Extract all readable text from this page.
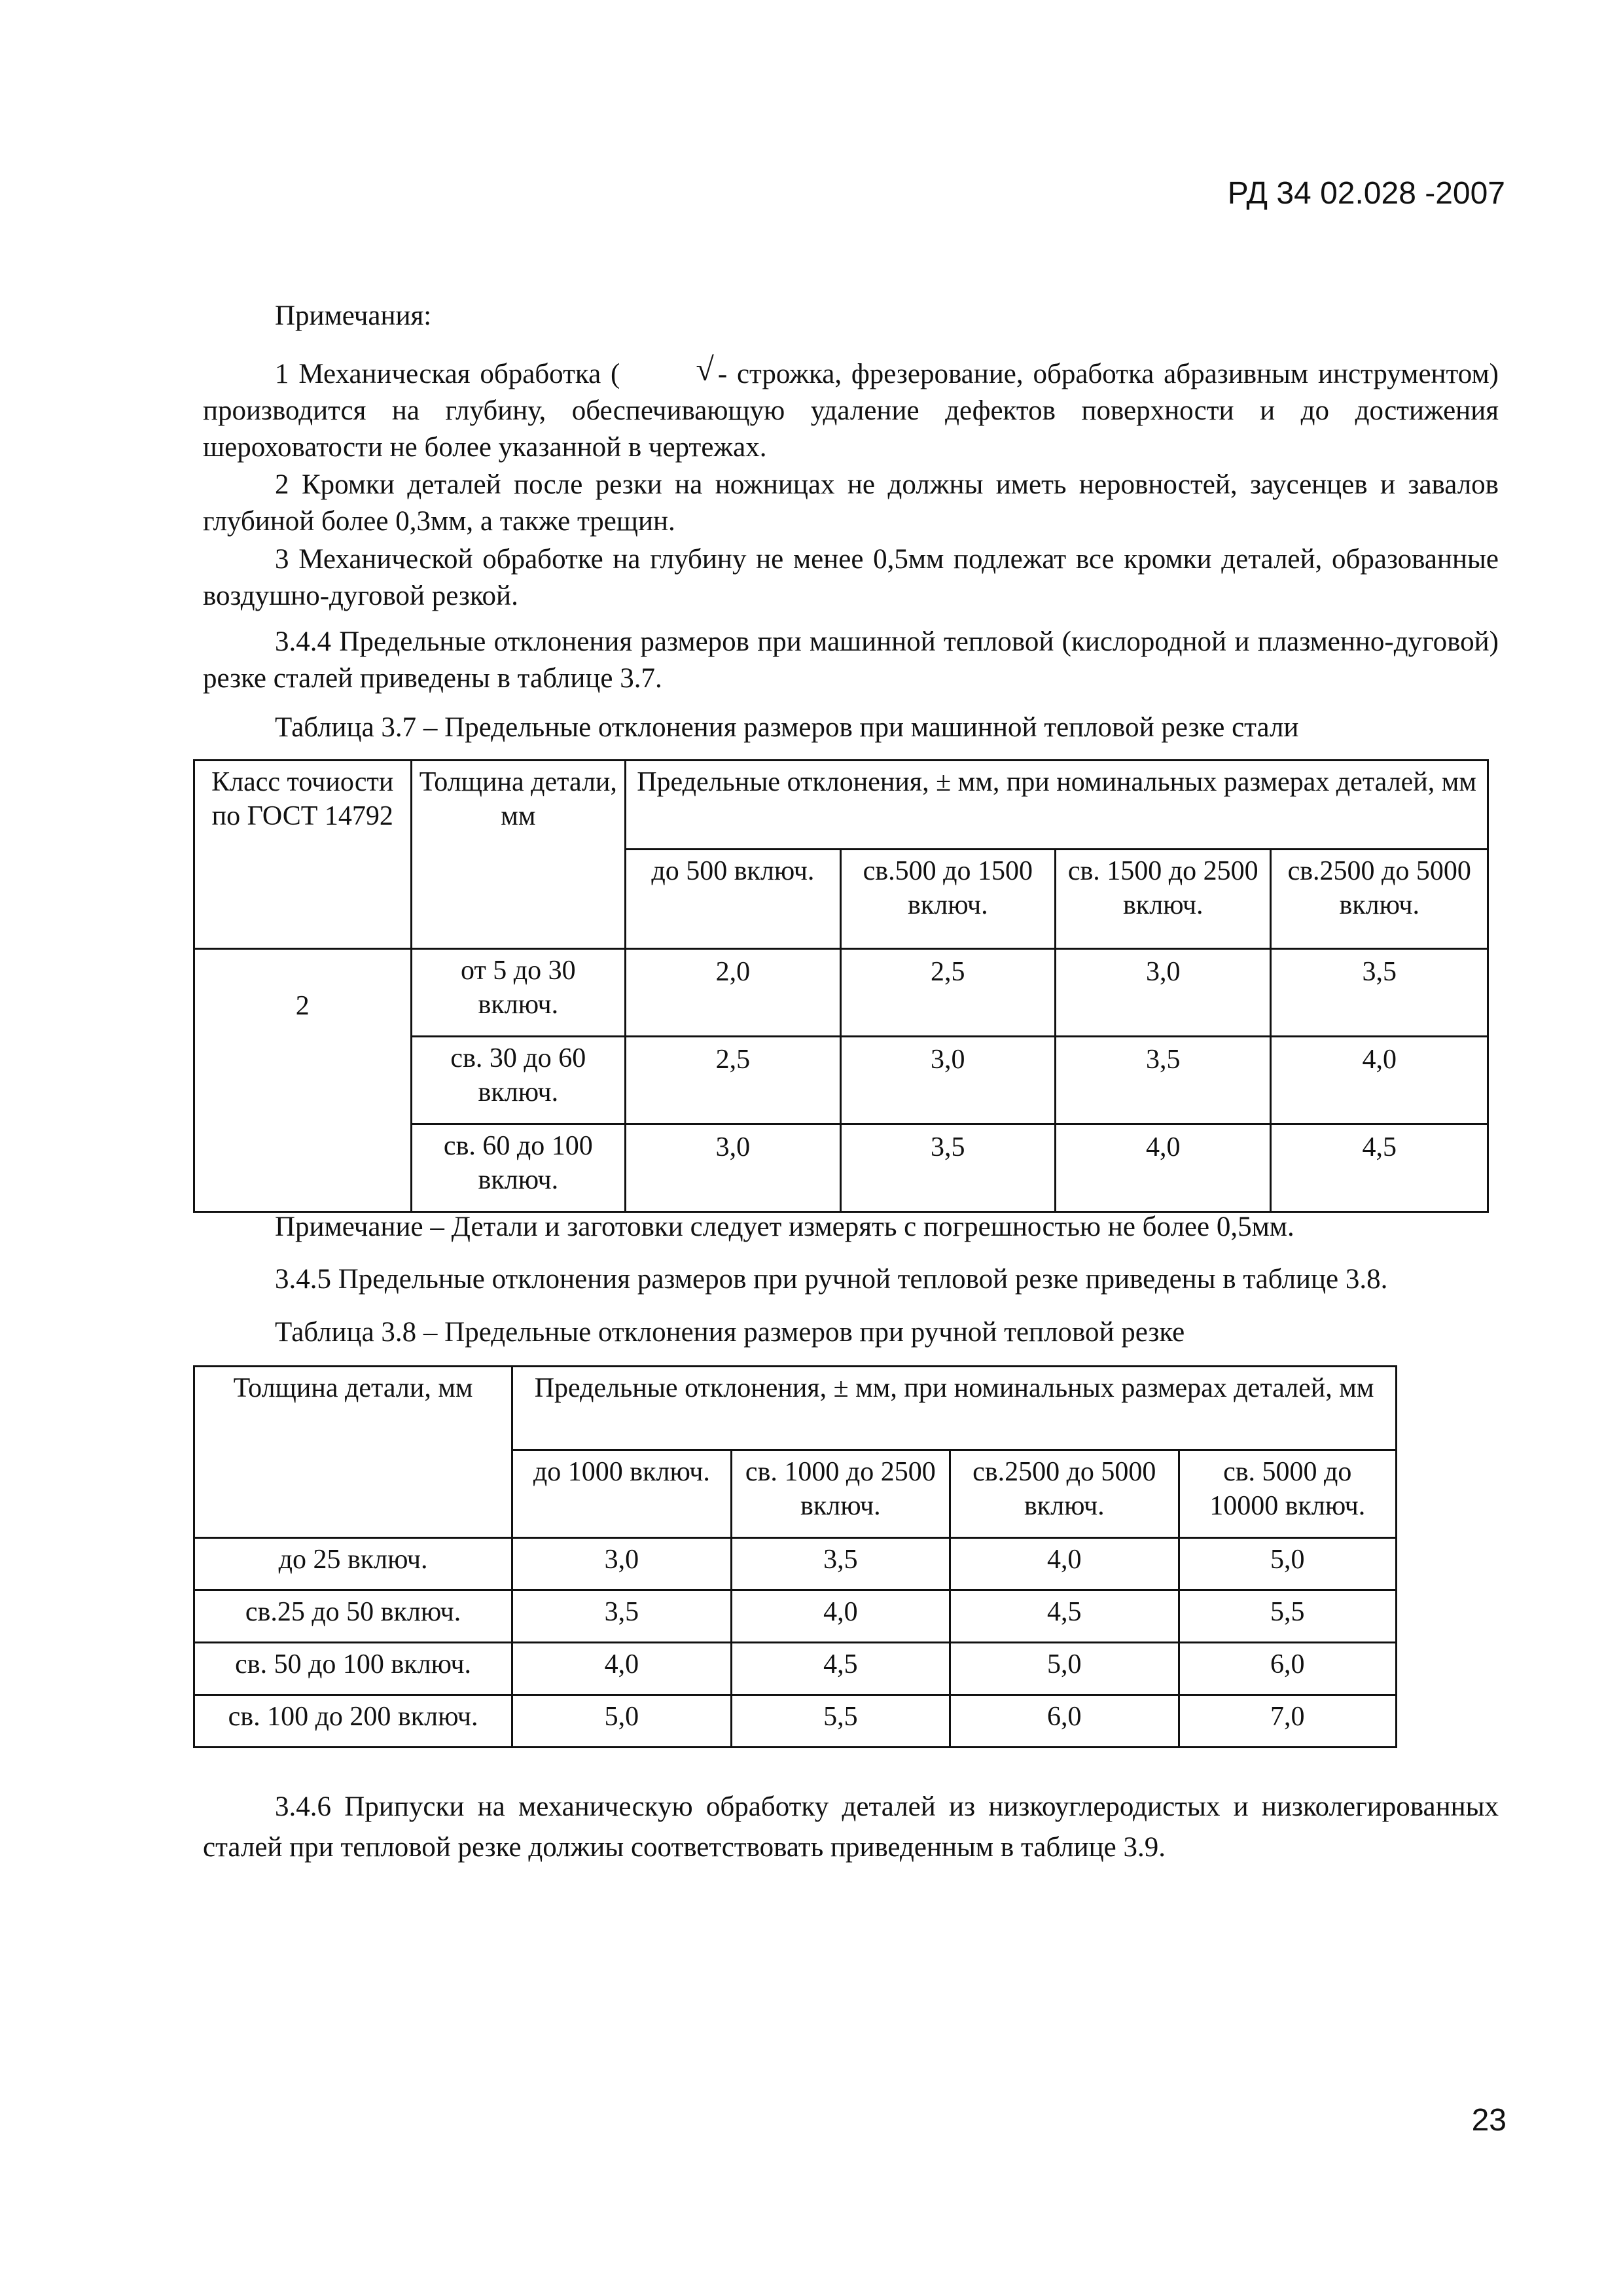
РД 34 02.028 -2007
Примечания:
1 Механическая обработка ( √ - строжка, фрезерование, обработка абразивным инструментом) производится на глубину, обеспечивающую удаление дефектов поверхности и до достижения шероховатости не более указанной в чертежах.
2 Кромки деталей после резки на ножницах не должны иметь неровностей, заусенцев и завалов глубиной более 0,3мм, а также трещин.
3 Механической обработке на глубину не менее 0,5мм подлежат все кромки деталей, образованные воздушно-дуговой резкой.
3.4.4 Предельные отклонения размеров при машинной тепловой (кислородной и плазменно-дуговой) резке сталей приведены в таблице 3.7.
Таблица 3.7 – Предельные отклонения размеров при машинной тепловой резке стали
Класс точиости по ГОСТ 14792	Толщина детали, мм	Предельные отклонения, ± мм, при номинальных размерах деталей, мм			
		до 500 включ.	св.500 до 1500 включ.	св. 1500 до 2500 включ.	св.2500 до 5000 включ.
2	от 5 до 30 включ.	2,0	2,5	3,0	3,5
	св. 30 до 60 включ.	2,5	3,0	3,5	4,0
	св. 60 до 100 включ.	3,0	3,5	4,0	4,5
Примечание – Детали и заготовки следует измерять с погрешностью не более 0,5мм.
3.4.5 Предельные отклонения размеров при ручной тепловой резке приведены в таблице 3.8.
Таблица 3.8 – Предельные отклонения размеров при ручной тепловой резке
Толщина детали, мм	Предельные отклонения, ± мм, при номинальных размерах деталей, мм			
	до 1000 включ.	св. 1000 до 2500 включ.	св.2500 до 5000 включ.	св. 5000 до 10000 включ.
до 25 включ.	3,0	3,5	4,0	5,0
св.25 до 50 включ.	3,5	4,0	4,5	5,5
св. 50 до 100 включ.	4,0	4,5	5,0	6,0
св. 100 до 200 включ.	5,0	5,5	6,0	7,0
3.4.6 Припуски на механическую обработку деталей из низкоуглеродистых и низколегированных сталей при тепловой резке должиы соответствовать приведенным в таблице 3.9.
23
